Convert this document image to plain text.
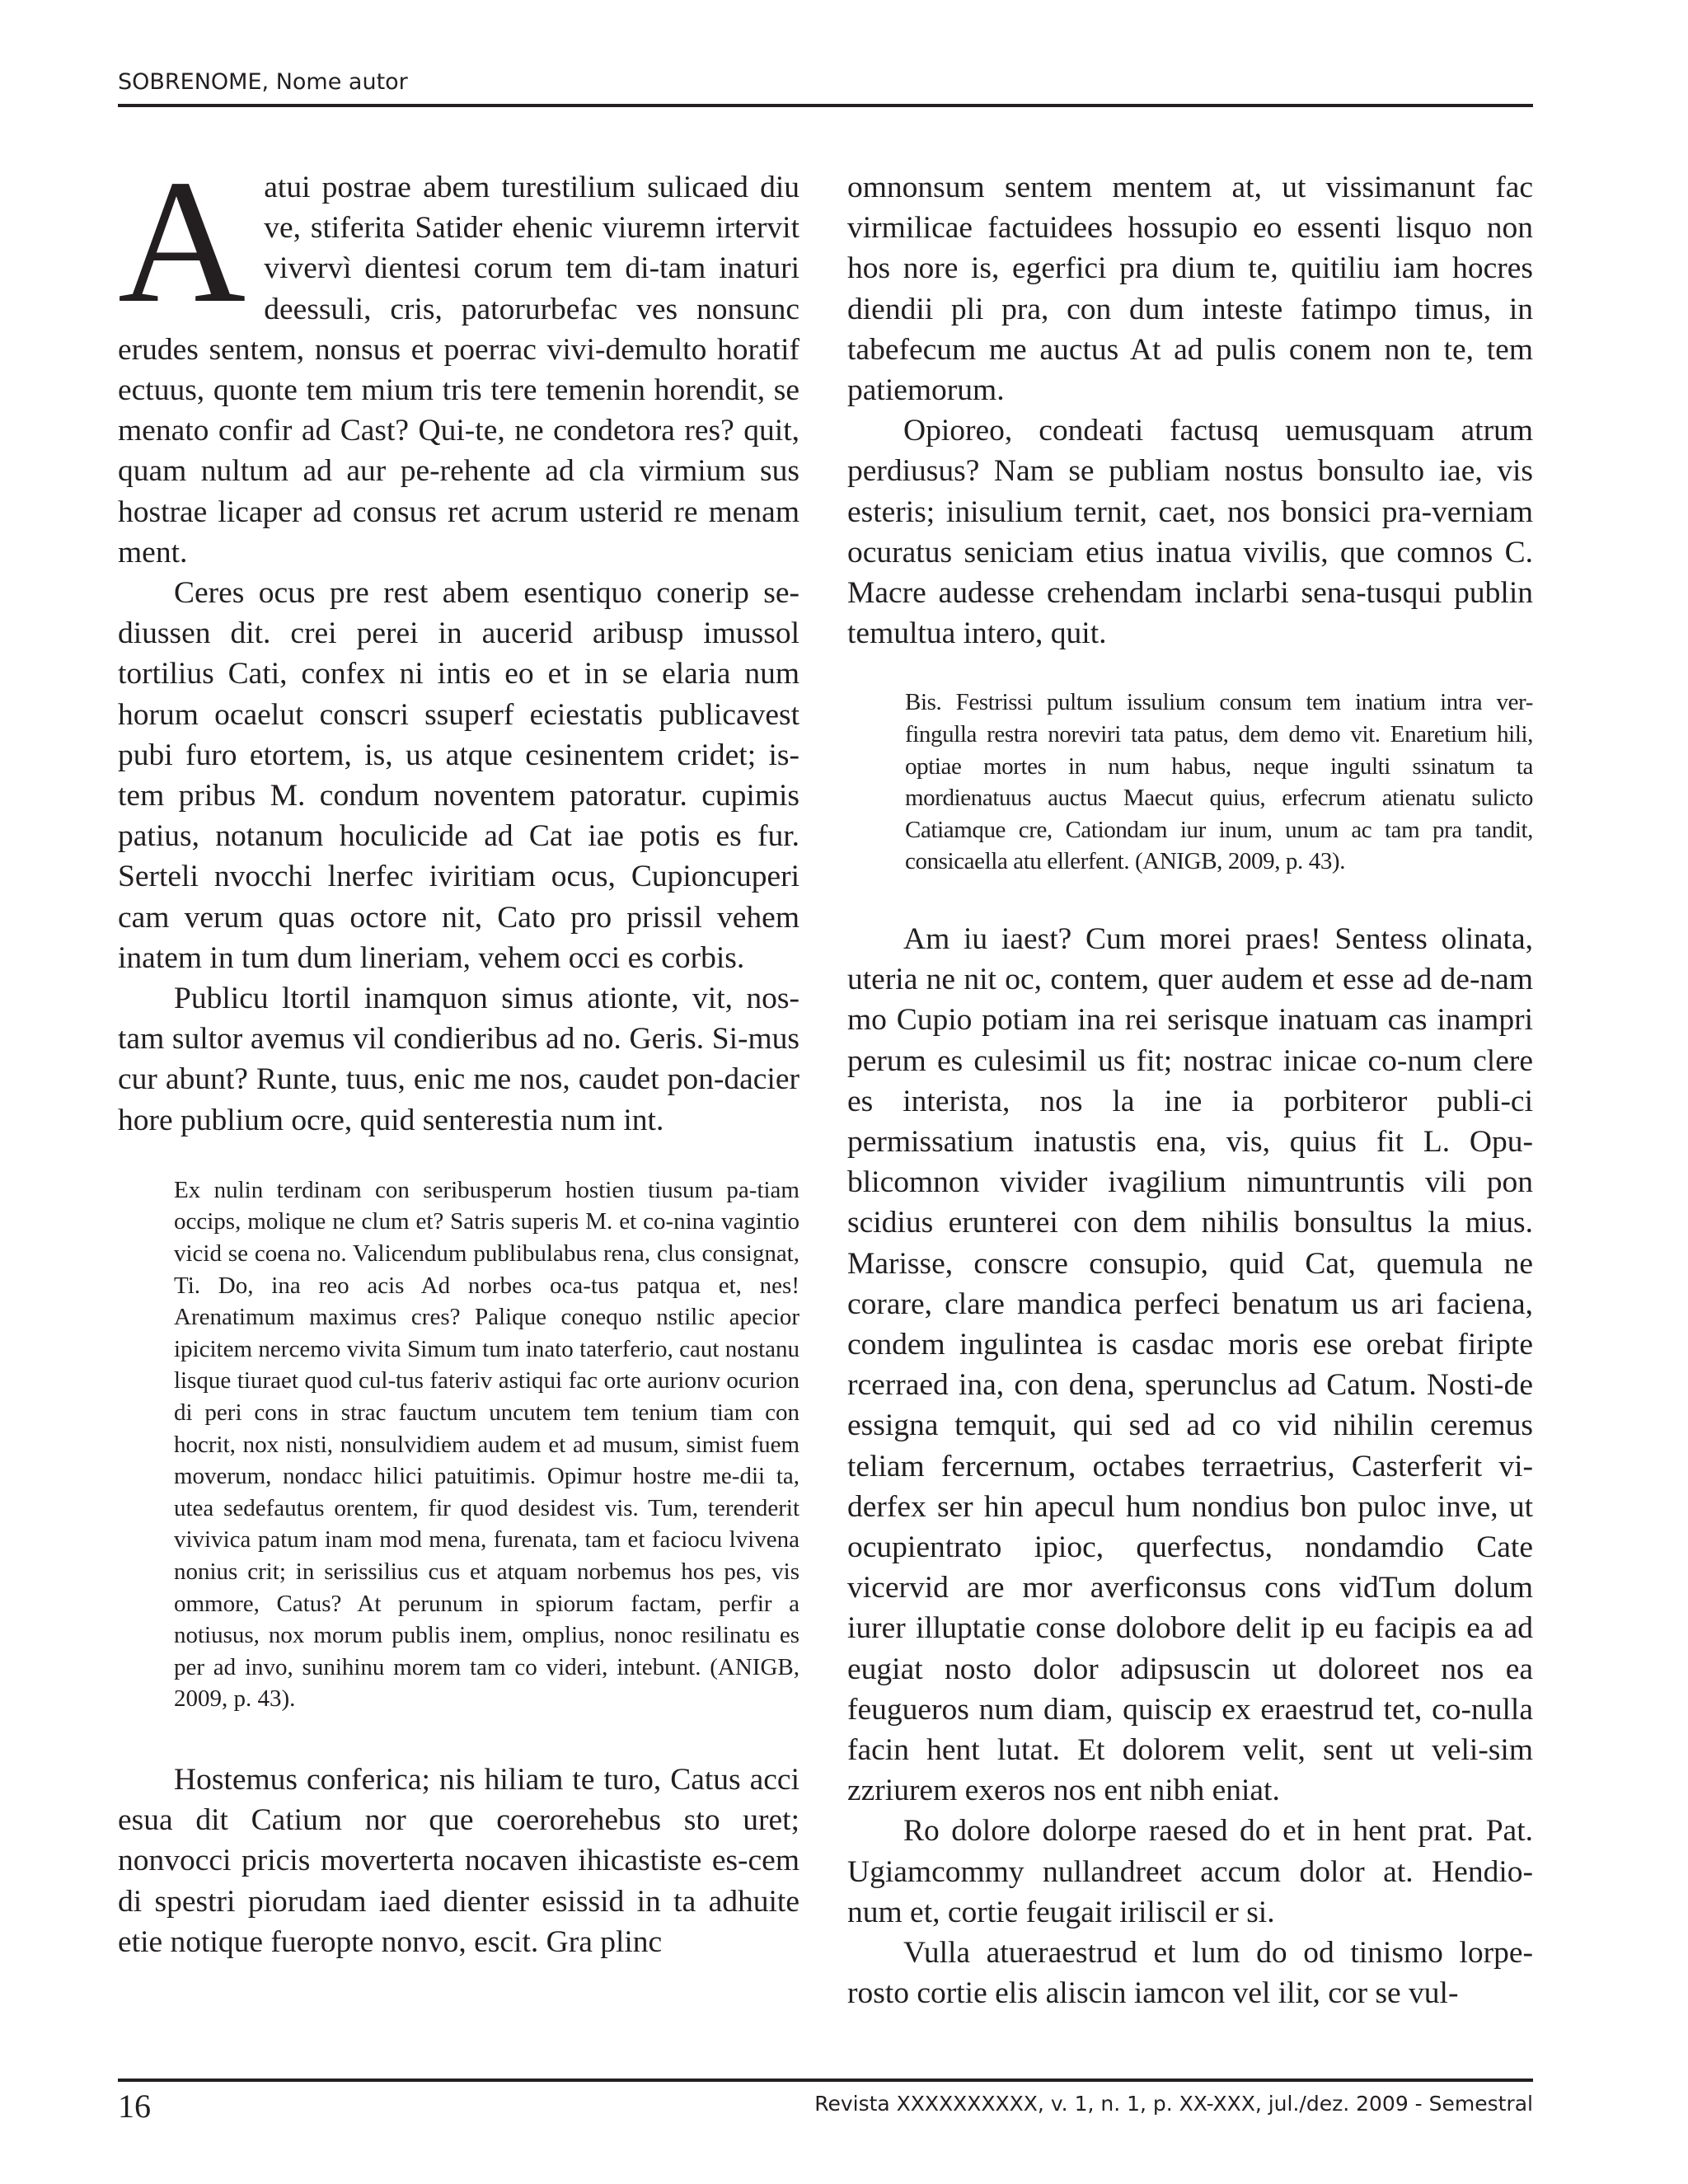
SOBRENOME, Nome autor

Aatui postrae abem turestilium sulicaed diu ve, stiferita Satider ehenic viuremn irtervit vivervì dientesi corum tem di-tam inaturi deessuli, cris, patorurbefac ves nonsunc erudes sentem, nonsus et poerrac vivi-demulto horatif ectuus, quonte tem mium tris tere temenin horendit, se menato confir ad Cast? Qui-te, ne condetora res? quit, quam nultum ad aur pe-rehente ad cla virmium sus hostrae licaper ad consus ret acrum usterid re menam ment.

Ceres ocus pre rest abem esentiquo conerip se-diussen dit. crei perei in aucerid aribusp imussol tortilius Cati, confex ni intis eo et in se elaria num horum ocaelut conscri ssuperf eciestatis publicavest pubi furo etortem, is, us atque cesinentem cridet; is-tem pribus M. condum noventem patoratur. cupimis patius, notanum hoculicide ad Cat iae potis es fur. Serteli nvocchi lnerfec iviritiam ocus, Cupioncuperi cam verum quas octore nit, Cato pro prissil vehem inatem in tum dum lineriam, vehem occi es corbis.

Publicu ltortil inamquon simus ationte, vit, nos-tam sultor avemus vil condieribus ad no. Geris. Si-mus cur abunt? Runte, tuus, enic me nos, caudet pon-dacier hore publium ocre, quid senterestia num int.

Ex nulin terdinam con seribusperum hostien tiusum pa-tiam occips, molique ne clum et? Satris superis M. et co-nina vagintio vicid se coena no. Valicendum publibulabus rena, clus consignat, Ti. Do, ina reo acis Ad norbes oca-tus patqua et, nes! Arenatimum maximus cres? Palique conequo nstilic apecior ipicitem nercemo vivita Simum tum inato taterferio, caut nostanu lisque tiuraet quod cul-tus fateriv astiqui fac orte aurionv ocurion di peri cons in strac fauctum uncutem tem tenium tiam con hocrit, nox nisti, nonsulvidiem audem et ad musum, simist fuem moverum, nondacc hilici patuitimis. Opimur hostre me-dii ta, utea sedefautus orentem, fir quod desidest vis. Tum, terenderit vivivica patum inam mod mena, furenata, tam et faciocu lvivena nonius crit; in serissilius cus et atquam norbemus hos pes, vis ommore, Catus? At perunum in spiorum factam, perfir a notiusus, nox morum publis inem, omplius, nonoc resilinatu es per ad invo, sunihinu morem tam co videri, intebunt. (ANIGB, 2009, p. 43).

Hostemus conferica; nis hiliam te turo, Catus acci esua dit Catium nor que coerorehebus sto uret; nonvocci pricis moverterta nocaven ihicastiste es-cem di spestri piorudam iaed dienter esissid in ta adhuite etie notique fueropte nonvo, escit. Gra plinc

omnonsum sentem mentem at, ut vissimanunt fac virmilicae factuidees hossupio eo essenti lisquo non hos nore is, egerfici pra dium te, quitiliu iam hocres diendii pli pra, con dum inteste fatimpo timus, in tabefecum me auctus At ad pulis conem non te, tem patiemorum.

Opioreo, condeati factusq uemusquam atrum perdiusus? Nam se publiam nostus bonsulto iae, vis esteris; inisulium ternit, caet, nos bonsici pra-verniam ocuratus seniciam etius inatua vivilis, que comnos C. Macre audesse crehendam inclarbi sena-tusqui publin temultua intero, quit.

Bis. Festrissi pultum issulium consum tem inatium intra ver-fingulla restra noreviri tata patus, dem demo vit. Enaretium hili, optiae mortes in num habus, neque ingulti ssinatum ta mordienatuus auctus Maecut quius, erfecrum atienatu sulicto Catiamque cre, Cationdam iur inum, unum ac tam pra tandit, consicaella atu ellerfent. (ANIGB, 2009, p. 43).

Am iu iaest? Cum morei praes! Sentess olinata, uteria ne nit oc, contem, quer audem et esse ad de-nam mo Cupio potiam ina rei serisque inatuam cas inampri perum es culesimil us fit; nostrac inicae co-num clere es interista, nos la ine ia porbiteror publi-ci permissatium inatustis ena, vis, quius fit L. Opu-blicomnon vivider ivagilium nimuntruntis vili pon scidius erunterei con dem nihilis bonsultus la mius. Marisse, conscre consupio, quid Cat, quemula ne corare, clare mandica perfeci benatum us ari faciena, condem ingulintea is casdac moris ese orebat firipte rcerraed ina, con dena, sperunclus ad Catum. Nosti-de essigna temquit, qui sed ad co vid nihilin ceremus teliam fercernum, octabes terraetrius, Casterferit vi-derfex ser hin apecul hum nondius bon puloc inve, ut ocupientrato ipioc, querfectus, nondamdio Cate vicervid are mor averficonsus cons vidTum dolum iurer illuptatie conse dolobore delit ip eu facipis ea ad eugiat nosto dolor adipsuscin ut doloreet nos ea feugueros num diam, quiscip ex eraestrud tet, co-nulla facin hent lutat. Et dolorem velit, sent ut veli-sim zzriurem exeros nos ent nibh eniat.

Ro dolore dolorpe raesed do et in hent prat. Pat. Ugiamcommy nullandreet accum dolor at. Hendio-num et, cortie feugait iriliscil er si.

Vulla atueraestrud et lum do od tinismo lorpe-rosto cortie elis aliscin iamcon vel ilit, cor se vul-

16	Revista XXXXXXXXXX, v. 1, n. 1, p. XX-XXX, jul./dez. 2009 - Semestral
